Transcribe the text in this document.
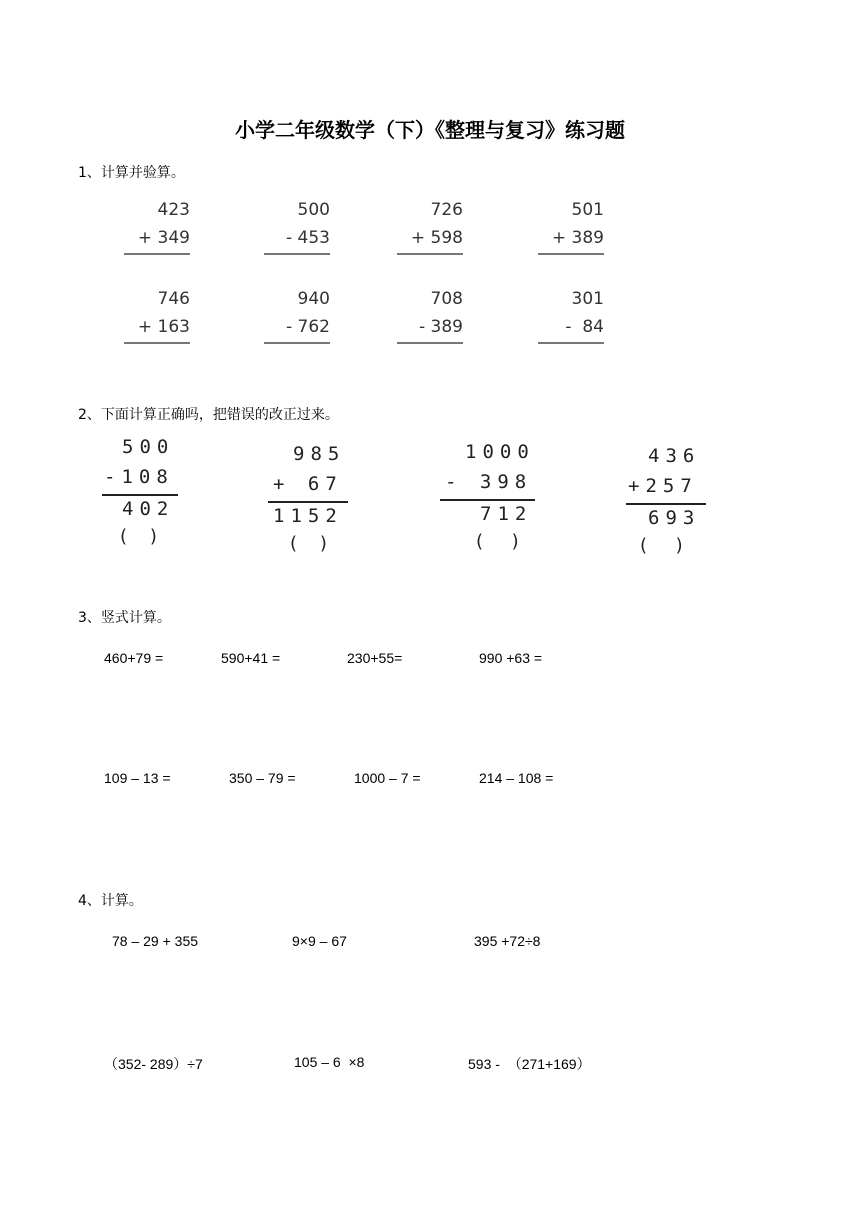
小学二年级数学（下）《整理与复习》练习题
1、计算并验算。
423
+ 349
500
- 453
726
+ 598
501
+ 389
746
+ 163
940
- 762
708
- 389
301
-  84
2、下面计算正确吗，把错误的改正过来。

500

-108

402

(    )

985

+ 67

1152

(    )

1000

- 398

712

(     )

436

+257

693

(     )

3、竖式计算。
460+79 =	590+41 =	230+55=	990 +63 =
109 – 13 =	350 – 79 =	1000 – 7 =	214 – 108 =
4、计算。
78 – 29 + 355	9×9 – 67	395 +72÷8
（352- 289）÷7	105 – 6  ×8	593 -  （271+169）
